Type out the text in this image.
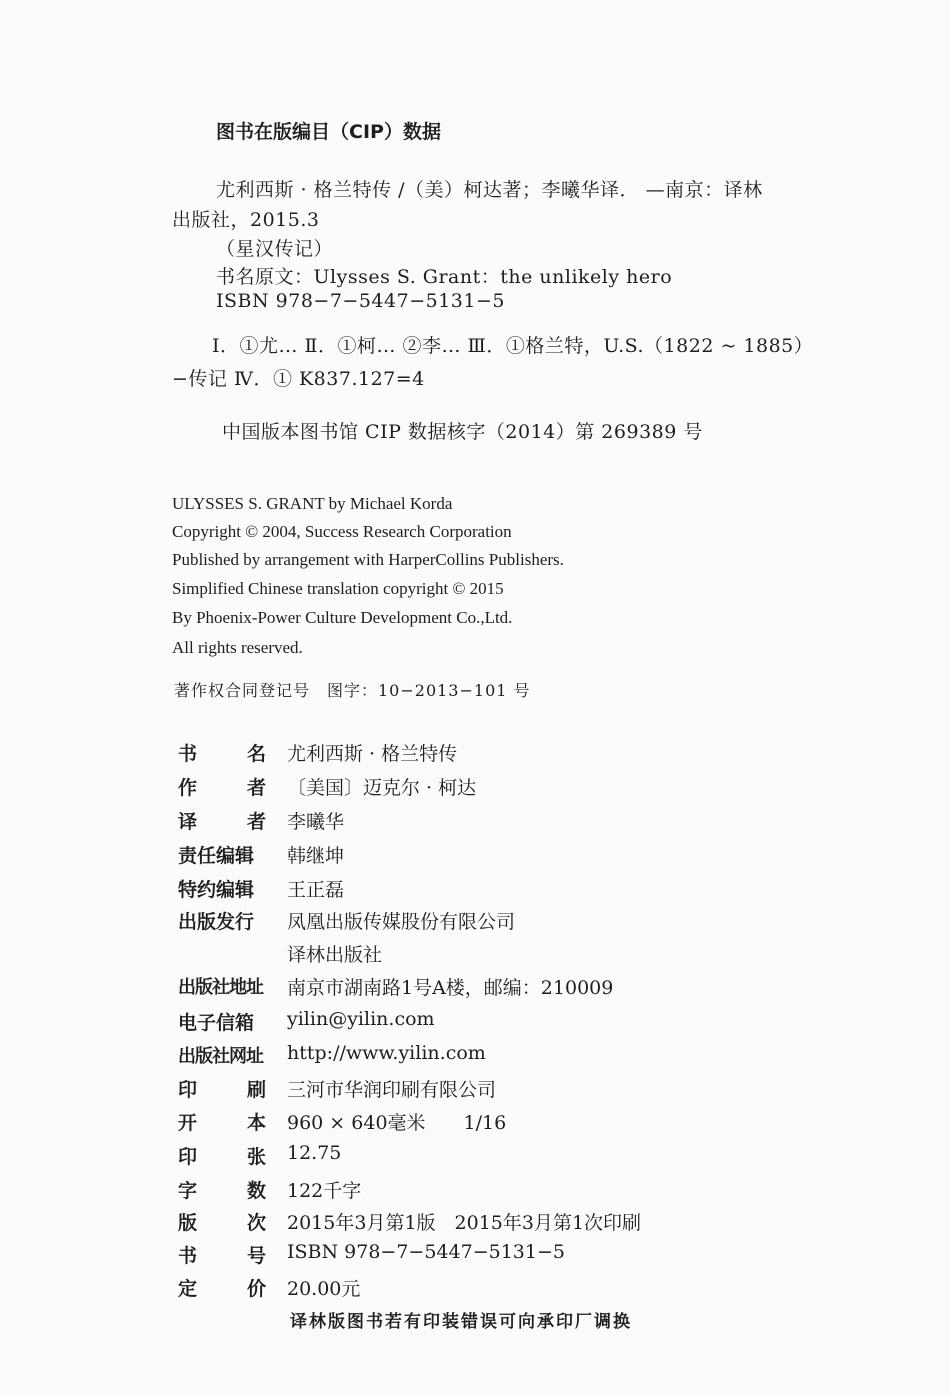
图书在版编目（CIP）数据
尤利西斯 · 格兰特传 /（美）柯达著；李曦华译． —南京：译林
出版社，2015.3
（星汉传记）
书名原文：Ulysses S. Grant：the unlikely hero
ISBN 978−7−5447−5131−5
Ⅰ．①尤… Ⅱ．①柯… ②李… Ⅲ．①格兰特，U.S.（1822 ~ 1885）
−传记 Ⅳ．① K837.127=4
中国版本图书馆 CIP 数据核字（2014）第 269389 号
ULYSSES S. GRANT by Michael Korda
Copyright © 2004, Success Research Corporation
Published by arrangement with HarperCollins Publishers.
Simplified Chinese translation copyright © 2015
By Phoenix-Power Culture Development Co.,Ltd.
All rights reserved.
著作权合同登记号　图字：10−2013−101 号
书	名 尤利西斯 · 格兰特传
作	者 〔美国〕迈克尔 · 柯达
译	者 李曦华
责任编辑 韩继坤
特约编辑 王正磊
出版发行 凤凰出版传媒股份有限公司
译林出版社
出版社地址 南京市湖南路1号A楼，邮编：210009
电子信箱 yilin@yilin.com
出版社网址 http://www.yilin.com
印	刷 三河市华润印刷有限公司
开	本 960 × 640毫米　　1/16
印	张 12.75
字	数 122千字
版	次 2015年3月第1版　2015年3月第1次印刷
书	号 ISBN 978−7−5447−5131−5
定	价 20.00元
译林版图书若有印装错误可向承印厂调换
